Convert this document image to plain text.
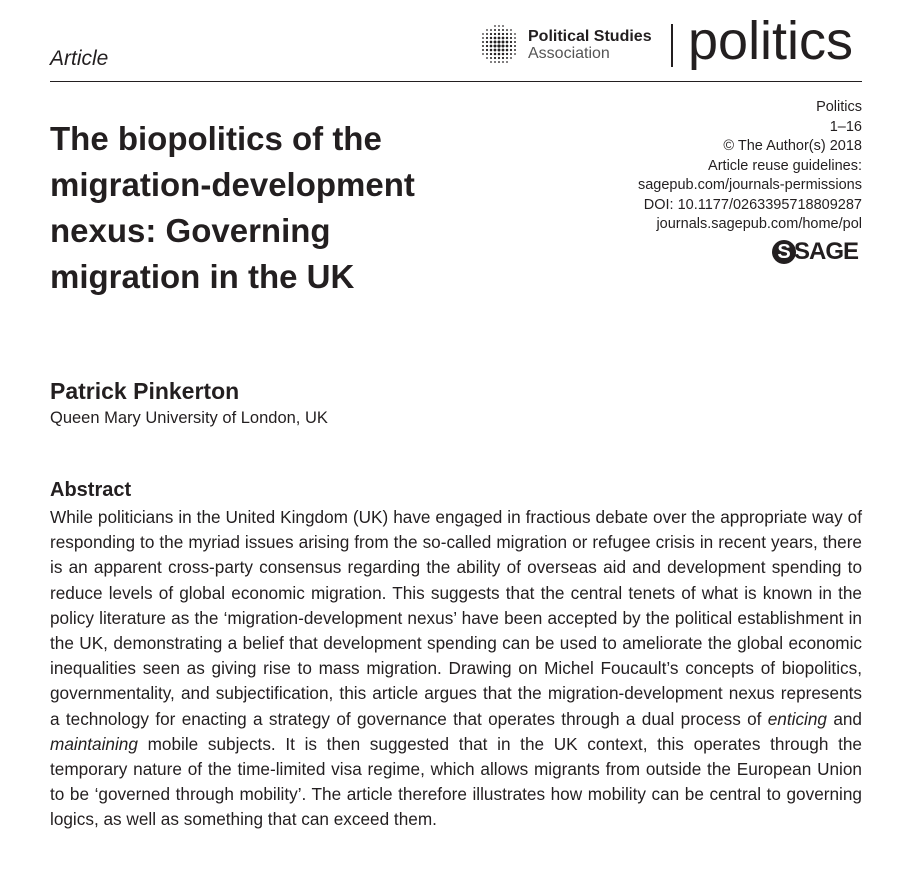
Article
Political Studies
Association	politics
The biopolitics of the migration-development nexus: Governing migration in the UK
Politics
1–16
© The Author(s) 2018
Article reuse guidelines:
sagepub.com/journals-permissions
DOI: 10.1177/0263395718809287
journals.sagepub.com/home/pol
S SAGE
Patrick Pinkerton
Queen Mary University of London, UK
Abstract

While politicians in the United Kingdom (UK) have engaged in fractious debate over the appropriate way of responding to the myriad issues arising from the so-called migration or refugee crisis in recent years, there is an apparent cross-party consensus regarding the ability of overseas aid and development spending to reduce levels of global economic migration. This suggests that the central tenets of what is known in the policy literature as the ‘migration-development nexus’ have been accepted by the political establishment in the UK, demonstrating a belief that development spending can be used to ameliorate the global economic inequalities seen as giving rise to mass migration. Drawing on Michel Foucault’s concepts of biopolitics, governmentality, and subjectification, this article argues that the migration-development nexus represents a technology for enacting a strategy of governance that operates through a dual process of enticing and maintaining mobile subjects. It is then suggested that in the UK context, this operates through the temporary nature of the time-limited visa regime, which allows migrants from outside the European Union to be ‘governed through mobility’. The article therefore illustrates how mobility can be central to governing logics, as well as something that can exceed them.
